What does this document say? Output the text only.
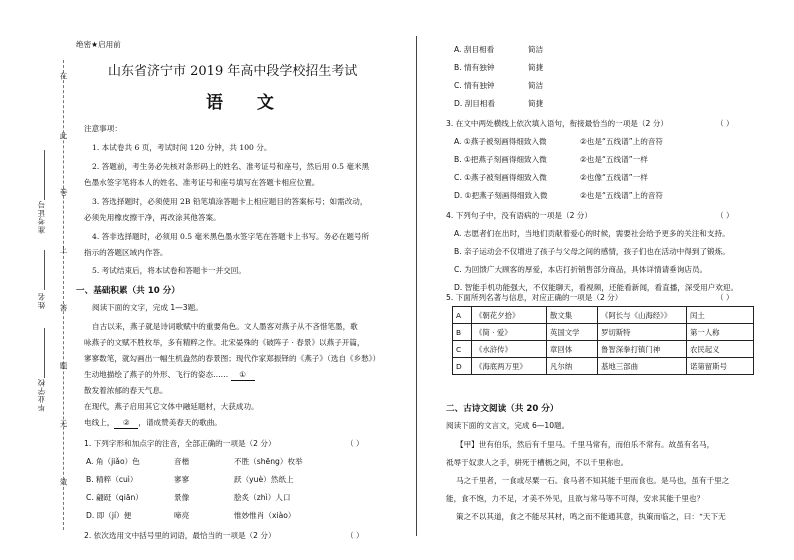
在
此
卷
上
答
题
无
效
准考证号
姓名
毕业学校
绝密★启用前
山东省济宁市 2019 年高中段学校招生考试
语 文
注意事项：
1. 本试卷共 6 页，考试时间 120 分钟，共 100 分。
2. 答题前，考生务必先核对条形码上的姓名、准考证号和座号，然后用 0.5 毫米黑
色墨水签字笔将本人的姓名、准考证号和座号填写在答题卡相应位置。
3. 答选择题时，必须使用 2B 铅笔填涂答题卡上相应题目的答案标号；如需改动，
必须先用橡皮擦干净，再改涂其他答案。
4. 答非选择题时，必须用 0.5 毫米黑色墨水签字笔在答题卡上书写。务必在题号所
指示的答题区域内作答。
5. 考试结束后，将本试卷和答题卡一并交回。
一、基础积累（共 10 分）
阅读下面的文字，完成 1—3题。
自古以来，燕子就是诗词歌赋中的重要角色。文人墨客对燕子从不吝惜笔墨，歌
咏燕子的文赋不胜枚举，多有精粹之作。北宋晏殊的《破阵子 · 春景》以燕子开篇，
寥寥数笔，就勾画出一幅生机盎然的春景图；现代作家郑振铎的《燕子》（选自《乡愁》）
生动地描绘了燕子的外形、飞行的姿态…… ①
散发着浓郁的春天气息。
在现代，燕子启用其它文体中融延题材，大获成功。
电线上， ② ，谱成赞美春天的歌曲。
1. 下列字形和加点字的注音，全部正确的一项是（2 分）	（ ）
A. 角（jiǎo）色	音楷	不胜（shēng）枚举
B. 精粹（cuì）	寥寥	跃（yuè）然纸上
C. 翩跹（qiān）	景像	脍炙（zhì）人口
D. 即（jí）便	啼亮	惟妙惟肖（xiào）
2. 依次选用文中括号里的词语，最恰当的一项是（2 分）	（ ）
A. 刮目相看	简洁
B. 情有独钟	简捷
C. 情有独钟	简洁
D. 刮目相看	简捷
3. 在文中两处横线上依次填入语句，衔接最恰当的一项是（2 分）	（ ）
A. ①燕子被刻画得细致入微	②也是“五线谱”上的音符
B. ①把燕子刻画得细致入微	②也是“五线谱”一样
C. ①燕子被刻画得细致入微	②也像“五线谱”一样
D. ①把燕子刻画得细致入微	②也是“五线谱”上的音符
4. 下列句子中，没有语病的一项是（2 分）	（ ）
A. 志愿者们在出时，当地们贡献着爱心的时候，需要社会给予更多的关注和支持。
B. 亲子运动会不仅增进了孩子与父母之间的感情，孩子们也在活动中得到了锻炼。
C. 为回馈广大顾客的厚爱，本店打折销售部分商品，具体详情请垂询店员。
D. 智能手机功能强大，不仅能聊天，看视频，还能看新闻，看直播，深受用户欢迎。
5. 下面所列名著与信息，对应正确的一项是（2 分）	（ ）
A	《朝花夕拾》	散文集	《阿长与《山海经》》	闰土
B	《简 · 爱》	英国文学	罗切斯特	第一人称
C	《水浒传》	章回体	鲁智深拳打镇门神	农民起义
D	《海底两万里》	凡尔纳	基地三部曲	诺第留斯号
二、古诗文阅读（共 20 分）
阅读下面的文言文，完成 6—10题。
【甲】世有伯乐，然后有千里马。千里马常有，而伯乐不常有。故虽有名马，
祗辱于奴隶人之手，骈死于槽枥之间，不以千里称也。
马之千里者，一食或尽粟一石。食马者不知其能千里而食也。是马也，虽有千里之
能，食不饱，力不足，才美不外见，且欲与常马等不可得，安求其能千里也？
策之不以其道，食之不能尽其材，鸣之而不能通其意，执策而临之，曰：“天下无
